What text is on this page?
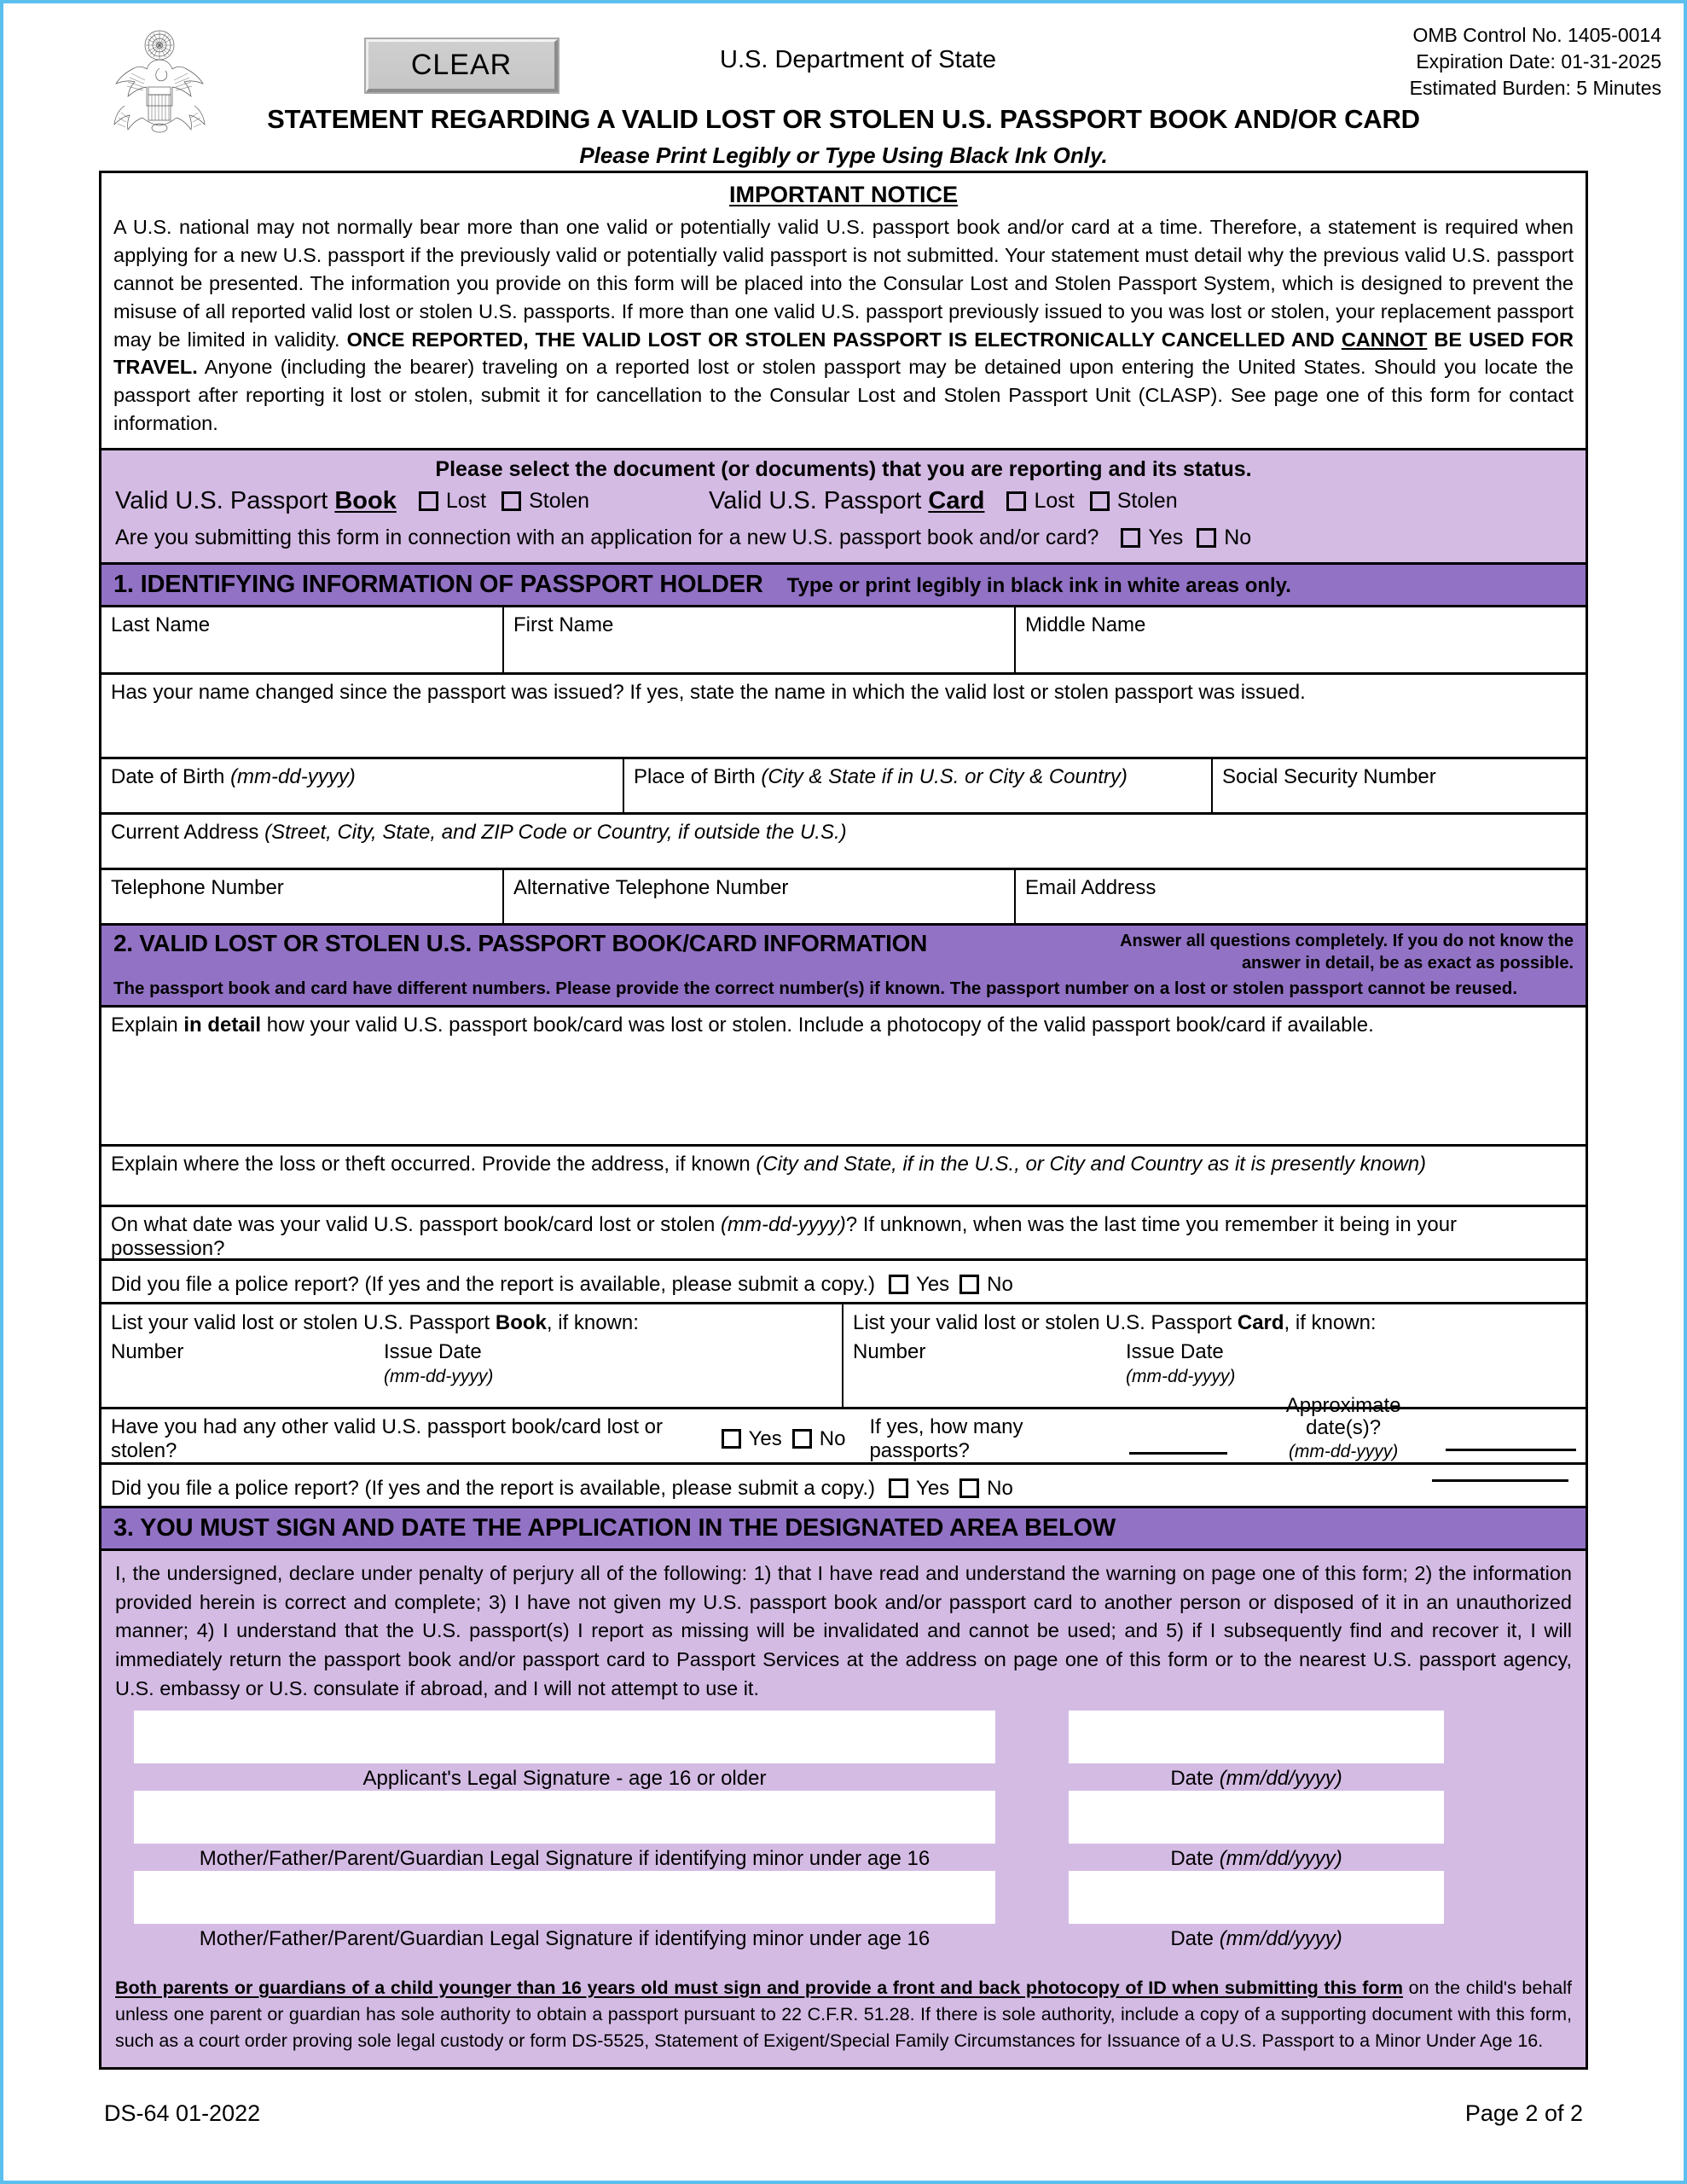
CLEAR	U.S. Department of State
OMB Control No. 1405-0014
Expiration Date: 01-31-2025
Estimated Burden: 5 Minutes
STATEMENT REGARDING A VALID LOST OR STOLEN U.S. PASSPORT BOOK AND/OR CARD
Please Print Legibly or Type Using Black Ink Only.
IMPORTANT NOTICE

A U.S. national may not normally bear more than one valid or potentially valid U.S. passport book and/or card at a time. Therefore, a statement is required when applying for a new U.S. passport if the previously valid or potentially valid passport is not submitted. Your statement must detail why the previous valid U.S. passport cannot be presented. The information you provide on this form will be placed into the Consular Lost and Stolen Passport System, which is designed to prevent the misuse of all reported valid lost or stolen U.S. passports. If more than one valid U.S. passport previously issued to you was lost or stolen, your replacement passport may be limited in validity. ONCE REPORTED, THE VALID LOST OR STOLEN PASSPORT IS ELECTRONICALLY CANCELLED AND CANNOT BE USED FOR TRAVEL. Anyone (including the bearer) traveling on a reported lost or stolen passport may be detained upon entering the United States. Should you locate the passport after reporting it lost or stolen, submit it for cancellation to the Consular Lost and Stolen Passport Unit (CLASP). See page one of this form for contact information.

Please select the document (or documents) that you are reporting and its status.
Valid U.S. Passport Book Lost Stolen	Valid U.S. Passport Card Lost Stolen
Are you submitting this form in connection with an application for a new U.S. passport book and/or card? Yes No
1. IDENTIFYING INFORMATION OF PASSPORT HOLDER Type or print legibly in black ink in white areas only.
Last Name	First Name	Middle Name
Has your name changed since the passport was issued? If yes, state the name in which the valid lost or stolen passport was issued.
Date of Birth (mm-dd-yyyy)	Place of Birth (City & State if in U.S. or City & Country)	Social Security Number
Current Address (Street, City, State, and ZIP Code or Country, if outside the U.S.)
Telephone Number	Alternative Telephone Number	Email Address
2. VALID LOST OR STOLEN U.S. PASSPORT BOOK/CARD INFORMATION	Answer all questions completely. If you do not know the answer in detail, be as exact as possible.
The passport book and card have different numbers. Please provide the correct number(s) if known. The passport number on a lost or stolen passport cannot be reused.
Explain in detail how your valid U.S. passport book/card was lost or stolen. Include a photocopy of the valid passport book/card if available.
Explain where the loss or theft occurred. Provide the address, if known (City and State, if in the U.S., or City and Country as it is presently known)
On what date was your valid U.S. passport book/card lost or stolen (mm-dd-yyyy)? If unknown, when was the last time you remember it being in your possession?
Did you file a police report? (If yes and the report is available, please submit a copy.) Yes No
List your valid lost or stolen U.S. Passport Book, if known:
Number	Issue Date
(mm-dd-yyyy)
List your valid lost or stolen U.S. Passport Card, if known:
Number	Issue Date
(mm-dd-yyyy)
Have you had any other valid U.S. passport book/card lost or stolen?
Yes No
If yes, how many passports?
Approximate date(s)?
(mm-dd-yyyy)
Did you file a police report? (If yes and the report is available, please submit a copy.) Yes No
3. YOU MUST SIGN AND DATE THE APPLICATION IN THE DESIGNATED AREA BELOW
I, the undersigned, declare under penalty of perjury all of the following: 1) that I have read and understand the warning on page one of this form; 2) the information provided herein is correct and complete; 3) I have not given my U.S. passport book and/or passport card to another person or disposed of it in an unauthorized manner; 4) I understand that the U.S. passport(s) I report as missing will be invalidated and cannot be used; and 5) if I subsequently find and recover it, I will immediately return the passport book and/or passport card to Passport Services at the address on page one of this form or to the nearest U.S. passport agency, U.S. embassy or U.S. consulate if abroad, and I will not attempt to use it.
Applicant's Legal Signature - age 16 or older	Date (mm/dd/yyyy)
Mother/Father/Parent/Guardian Legal Signature if identifying minor under age 16	Date (mm/dd/yyyy)
Mother/Father/Parent/Guardian Legal Signature if identifying minor under age 16	Date (mm/dd/yyyy)
Both parents or guardians of a child younger than 16 years old must sign and provide a front and back photocopy of ID when submitting this form on the child's behalf unless one parent or guardian has sole authority to obtain a passport pursuant to 22 C.F.R. 51.28. If there is sole authority, include a copy of a supporting document with this form, such as a court order proving sole legal custody or form DS-5525, Statement of Exigent/Special Family Circumstances for Issuance of a U.S. Passport to a Minor Under Age 16.
DS-64 01-2022	Page 2 of 2
